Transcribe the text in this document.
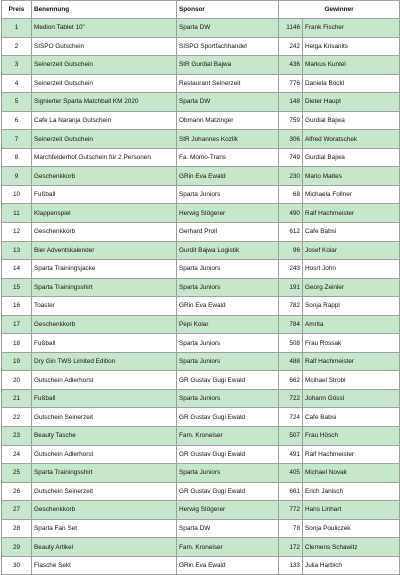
Preis	Benennung	Sponsor	Gewinner	
1	Medion Tablet 10"	Sparta DW	1146	Frank Fischer
2	SISPO Gutschein	SISPO Sportfachhandel	242	Helga Krisanits
3	Seinerzeit Gutschein	StR Gurdial Bajwa	436	Markus Kuntel
4	Seinerzeit Gutschein	Restaurant Seinerzeit	776	Daniela Böckl
5	Signierter Sparta Matchball KM 2020	Sparta DW	148	Dieter Haupt
6	Cafe La Naranja Gutschein	Obmann Matzinger	759	Gurdial Bajwa
7	Seinerzeit Gutschein	StR Johannes Kozlik	306	Alfred Woratschek
8	Marchfelderhof Gutschein für 2 Personen	Fa. Momo-Trans	749	Gurdial Bajwa
9	Geschenkkorb	GRin Eva Ewald	230	Mario Mattes
10	Fußball	Sparta Juniors	68	Michaela Follner
11	Klappenspiel	Herwig Stögerer	490	Ralf Hachmeister
12	Geschenkkorb	Gerhard Proll	612	Cafe Babsi
13	Bier Adventskalender	Gurdit Bajwa Logistik	96	Josef Kolar
14	Sparta Trainingsjacke	Sparta Juniors	243	Hosrt John
15	Sparta Trainingsshirt	Sparta Juniors	191	Georg Zeinler
16	Toaster	GRin Eva Ewald	782	Sonja Rappl
17	Geschenkkorb	Pepi Kolar	784	Amrita
18	Fußball	Sparta Juniors	508	Frau Rossak
19	Dry Gin TWS Limited Edition	Sparta Juniors	488	Ralf Hachmeister
20	Gutschein Adlerhorst	GR Gustav Gugi Ewald	662	Mcihael Strobl
21	Fußball	Sparta Juniors	722	Johann Gössl
22	Gutschein Seinerzeit	GR Gustav Gugi Ewald	724	Cafe Babsi
23	Beauty Tasche	Fam. Kroneiser	507	Frau Hösch
24	Gutschein Adlerhorst	GR Gustav Gugi Ewald	491	Ralf Hachmeister
25	Sparta Trainingsshirt	Sparta Juniors	405	Michael Novak
26	Gutschein Seinerzeit	GR Gustav Gugi Ewald	661	Erich Janisch
27	Geschenkkorb	Herwig Stögerer	772	Hans Linhart
28	Sparta Fan Set	Sparta DW	78	Sonja Pouliczek
29	Beauty Artikel	Fam. Kroneiser	172	Clemens Schawitz
30	Flasche Sekt	GRin Eva Ewald	133	Julia Harbich
